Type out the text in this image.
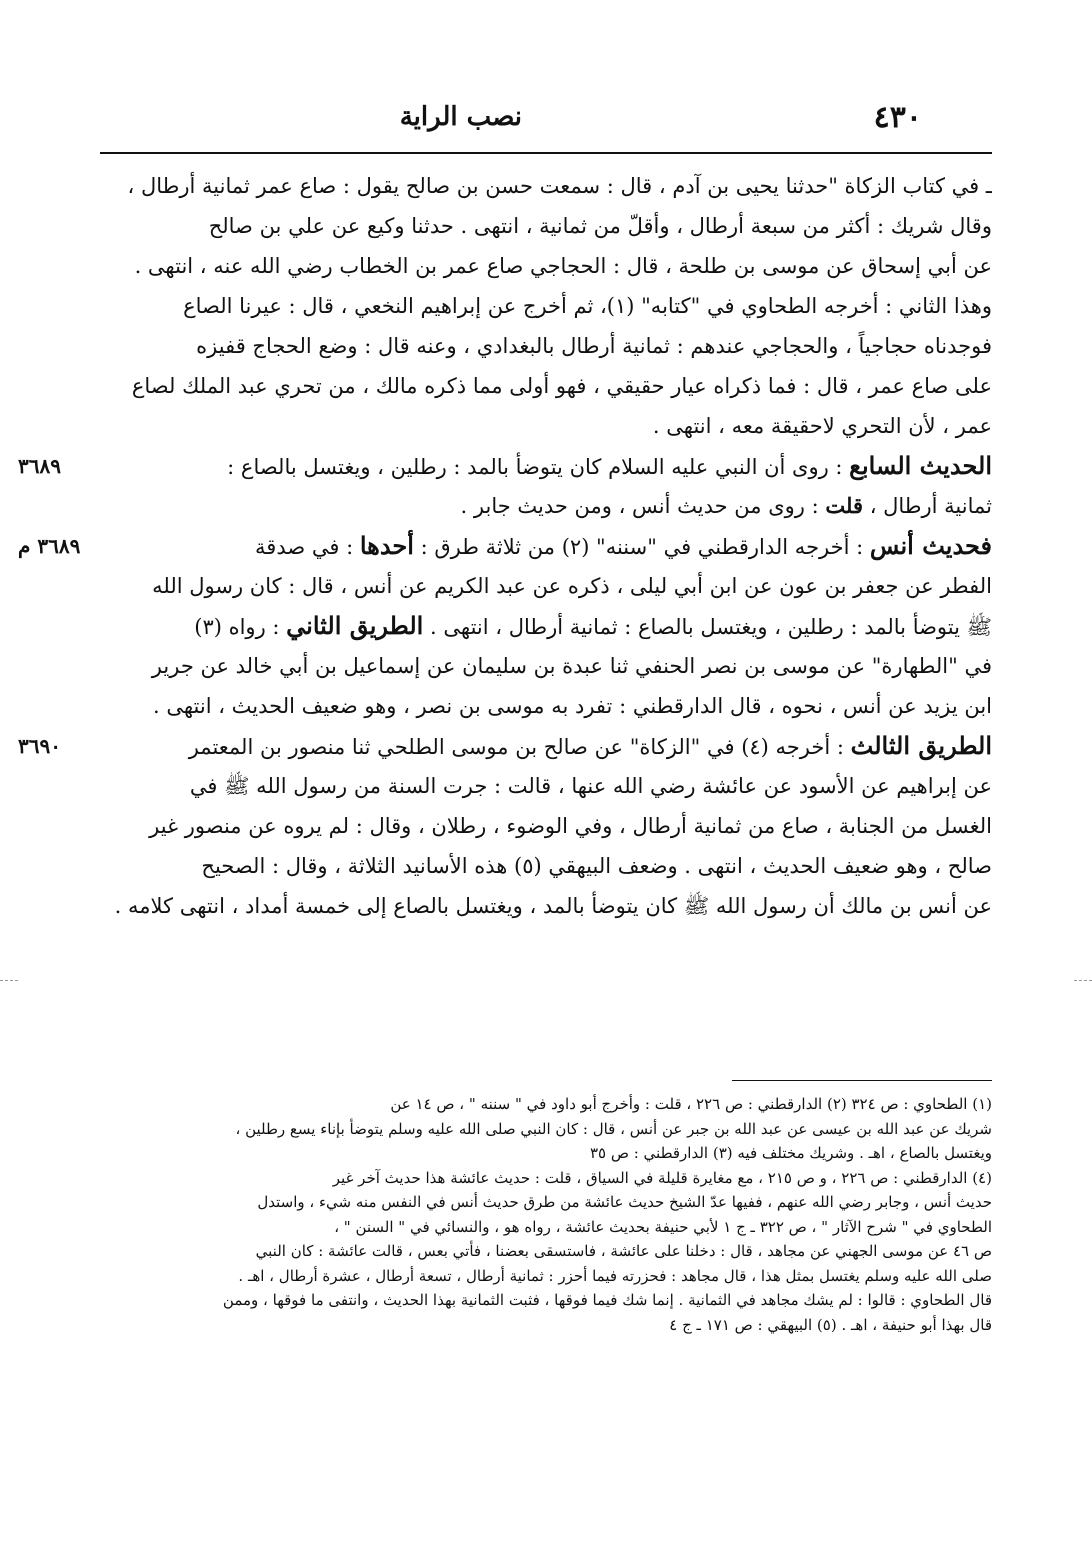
٤٣٠
نصب الراية
ـ في كتاب الزكاة "حدثنا يحيى بن آدم ، قال : سمعت حسن بن صالح يقول : صاع عمر ثمانية أرطال ،
وقال شريك : أكثر من سبعة أرطال ، وأقلّ من ثمانية ، انتهى . حدثنا وكيع عن علي بن صالح
عن أبي إسحاق عن موسى بن طلحة ، قال : الحجاجي صاع عمر بن الخطاب رضي الله عنه ، انتهى .
وهذا الثاني : أخرجه الطحاوي في "كتابه" (١)، ثم أخرج عن إبراهيم النخعي ، قال : عيرنا الصاع
فوجدناه حجاجياً ، والحجاجي عندهم : ثمانية أرطال بالبغدادي ، وعنه قال : وضع الحجاج قفيزه
على صاع عمر ، قال : فما ذكراه عيار حقيقي ، فهو أولى مما ذكره مالك ، من تحري عبد الملك لصاع
عمر ، لأن التحري لاحقيقة معه ، انتهى .
٣٦٨٩	الحديث السابع : روى أن النبي عليه السلام كان يتوضأ بالمد : رطلين ، ويغتسل بالصاع :
ثمانية أرطال ، قلت : روى من حديث أنس ، ومن حديث جابر .
٣٦٨٩ م	فحديث أنس : أخرجه الدارقطني في "سننه" (٢) من ثلاثة طرق : أحدها : في صدقة
الفطر عن جعفر بن عون عن ابن أبي ليلى ، ذكره عن عبد الكريم عن أنس ، قال : كان رسول الله
ﷺ يتوضأ بالمد : رطلين ، ويغتسل بالصاع : ثمانية أرطال ، انتهى . الطريق الثاني : رواه (٣)
في "الطهارة" عن موسى بن نصر الحنفي ثنا عبدة بن سليمان عن إسماعيل بن أبي خالد عن جرير
ابن يزيد عن أنس ، نحوه ، قال الدارقطني : تفرد به موسى بن نصر ، وهو ضعيف الحديث ، انتهى .
٣٦٩٠	الطريق الثالث : أخرجه (٤) في "الزكاة" عن صالح بن موسى الطلحي ثنا منصور بن المعتمر
عن إبراهيم عن الأسود عن عائشة رضي الله عنها ، قالت : جرت السنة من رسول الله ﷺ في
الغسل من الجنابة ، صاع من ثمانية أرطال ، وفي الوضوء ، رطلان ، وقال : لم يروه عن منصور غير
صالح ، وهو ضعيف الحديث ، انتهى . وضعف البيهقي (٥) هذه الأسانيد الثلاثة ، وقال : الصحيح
عن أنس بن مالك أن رسول الله ﷺ كان يتوضأ بالمد ، ويغتسل بالصاع إلى خمسة أمداد ، انتهى كلامه .
(١) الطحاوي : ص ٣٢٤ (٢) الدارقطني : ص ٢٢٦ ، قلت : وأخرج أبو داود في " سننه " ، ص ١٤ عن
شريك عن عبد الله بن عيسى عن عبد الله بن جبر عن أنس ، قال : كان النبي صلى الله عليه وسلم يتوضأ بإناء يسع رطلين ،
ويغتسل بالصاع ، اهـ . وشريك مختلف فيه (٣) الدارقطني : ص ٣٥
(٤) الدارقطني : ص ٢٢٦ ، و ص ٢١٥ ، مع مغايرة قليلة في السياق ، قلت : حديث عائشة هذا حديث آخر غير
حديث أنس ، وجابر رضي الله عنهم ، ففيها عدّ الشيخ حديث عائشة من طرق حديث أنس في النفس منه شيء ، واستدل
الطحاوي في " شرح الآثار " ، ص ٣٢٢ ـ ج ١ لأبي حنيفة بحديث عائشة ، رواه هو ، والنسائي في " السنن " ،
ص ٤٦ عن موسى الجهني عن مجاهد ، قال : دخلنا على عائشة ، فاستسقى بعضنا ، فأتي بعس ، قالت عائشة : كان النبي
صلى الله عليه وسلم يغتسل بمثل هذا ، قال مجاهد : فحزرته فيما أحزر : ثمانية أرطال ، تسعة أرطال ، عشرة أرطال ، اهـ .
قال الطحاوي : قالوا : لم يشك مجاهد في الثمانية . إنما شك فيما فوقها ، فثبت الثمانية بهذا الحديث ، وانتفى ما فوقها ، وممن
قال بهذا أبو حنيفة ، اهـ . (٥) البيهقي : ص ١٧١ ـ ج ٤
